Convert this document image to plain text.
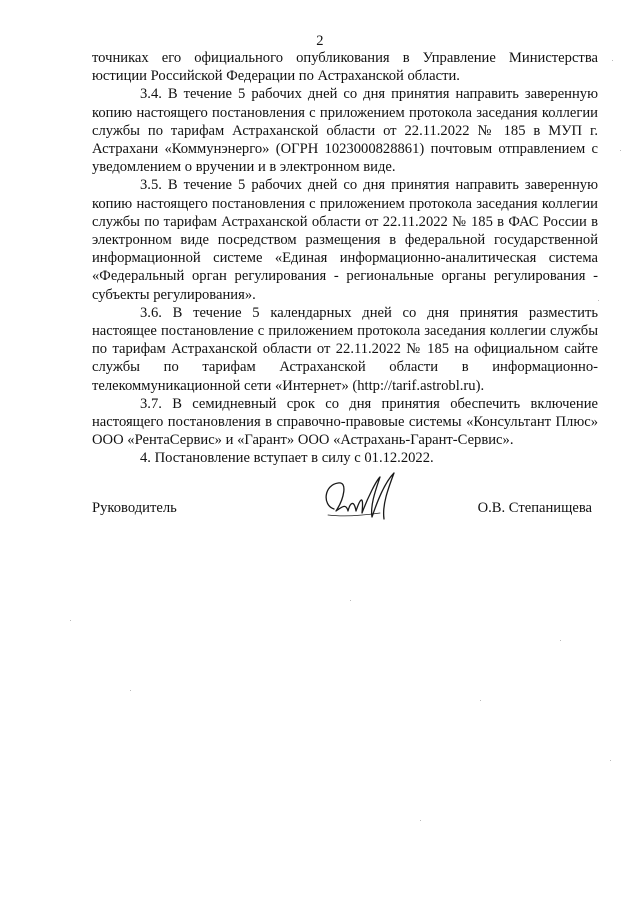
2

точниках его официального опубликования в Управление Министерства юстиции Российской Федерации по Астраханской области.

3.4. В течение 5 рабочих дней со дня принятия направить заверенную копию настоящего постановления с приложением протокола заседания коллегии службы по тарифам Астраханской области от 22.11.2022 № 185 в МУП г. Астрахани «Коммунэнерго» (ОГРН 1023000828861) почтовым отправлением с уведомлением о вручении и в электронном виде.

3.5. В течение 5 рабочих дней со дня принятия направить заверенную копию настоящего постановления с приложением протокола заседания коллегии службы по тарифам Астраханской области от 22.11.2022 № 185 в ФАС России в электронном виде посредством размещения в федеральной государственной информационной системе «Единая информационно-аналитическая система «Федеральный орган регулирования - региональные органы регулирования - субъекты регулирования».

3.6. В течение 5 календарных дней со дня принятия разместить настоящее постановление с приложением протокола заседания коллегии службы по тарифам Астраханской области от 22.11.2022 № 185 на официальном сайте службы по тарифам Астраханской области в информационно-телекоммуникационной сети «Интернет» (http://tarif.astrobl.ru).

3.7. В семидневный срок со дня принятия обеспечить включение настоящего постановления в справочно-правовые системы «Консультант Плюс» ООО «РентаСервис» и «Гарант» ООО «Астрахань-Гарант-Сервис».

4. Постановление вступает в силу с 01.12.2022.

Руководитель	О.В. Степанищева
